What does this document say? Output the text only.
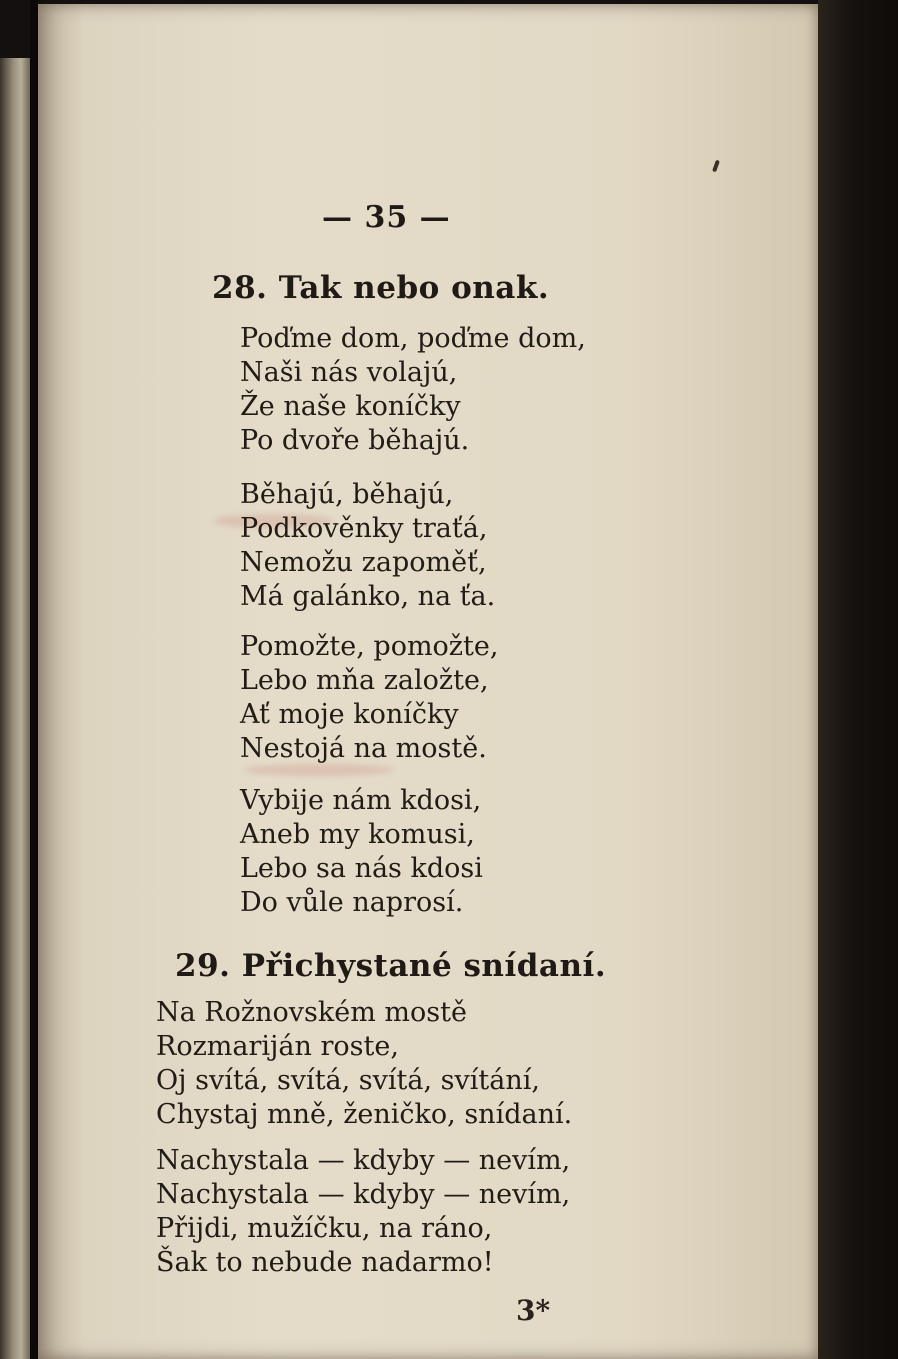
— 35 —
28. Tak nebo onak.
Poďme dom, poďme dom,
Naši nás volajú,
Že naše koníčky
Po dvoře běhajú.
Běhajú, běhajú,
Podkověnky traťá,
Nemožu zapoměť,
Má galánko, na ťa.
Pomožte, pomožte,
Lebo mňa založte,
Ať moje koníčky
Nestojá na mostě.
Vybije nám kdosi,
Aneb my komusi,
Lebo sa nás kdosi
Do vůle naprosí.
29. Přichystané snídaní.
Na Rožnovském mostě
Rozmariján roste,
Oj svítá, svítá, svítá, svítání,
Chystaj mně, ženičko, snídaní.
Nachystala — kdyby — nevím,
Nachystala — kdyby — nevím,
Přijdi, mužíčku, na ráno,
Šak to nebude nadarmo!
3*
